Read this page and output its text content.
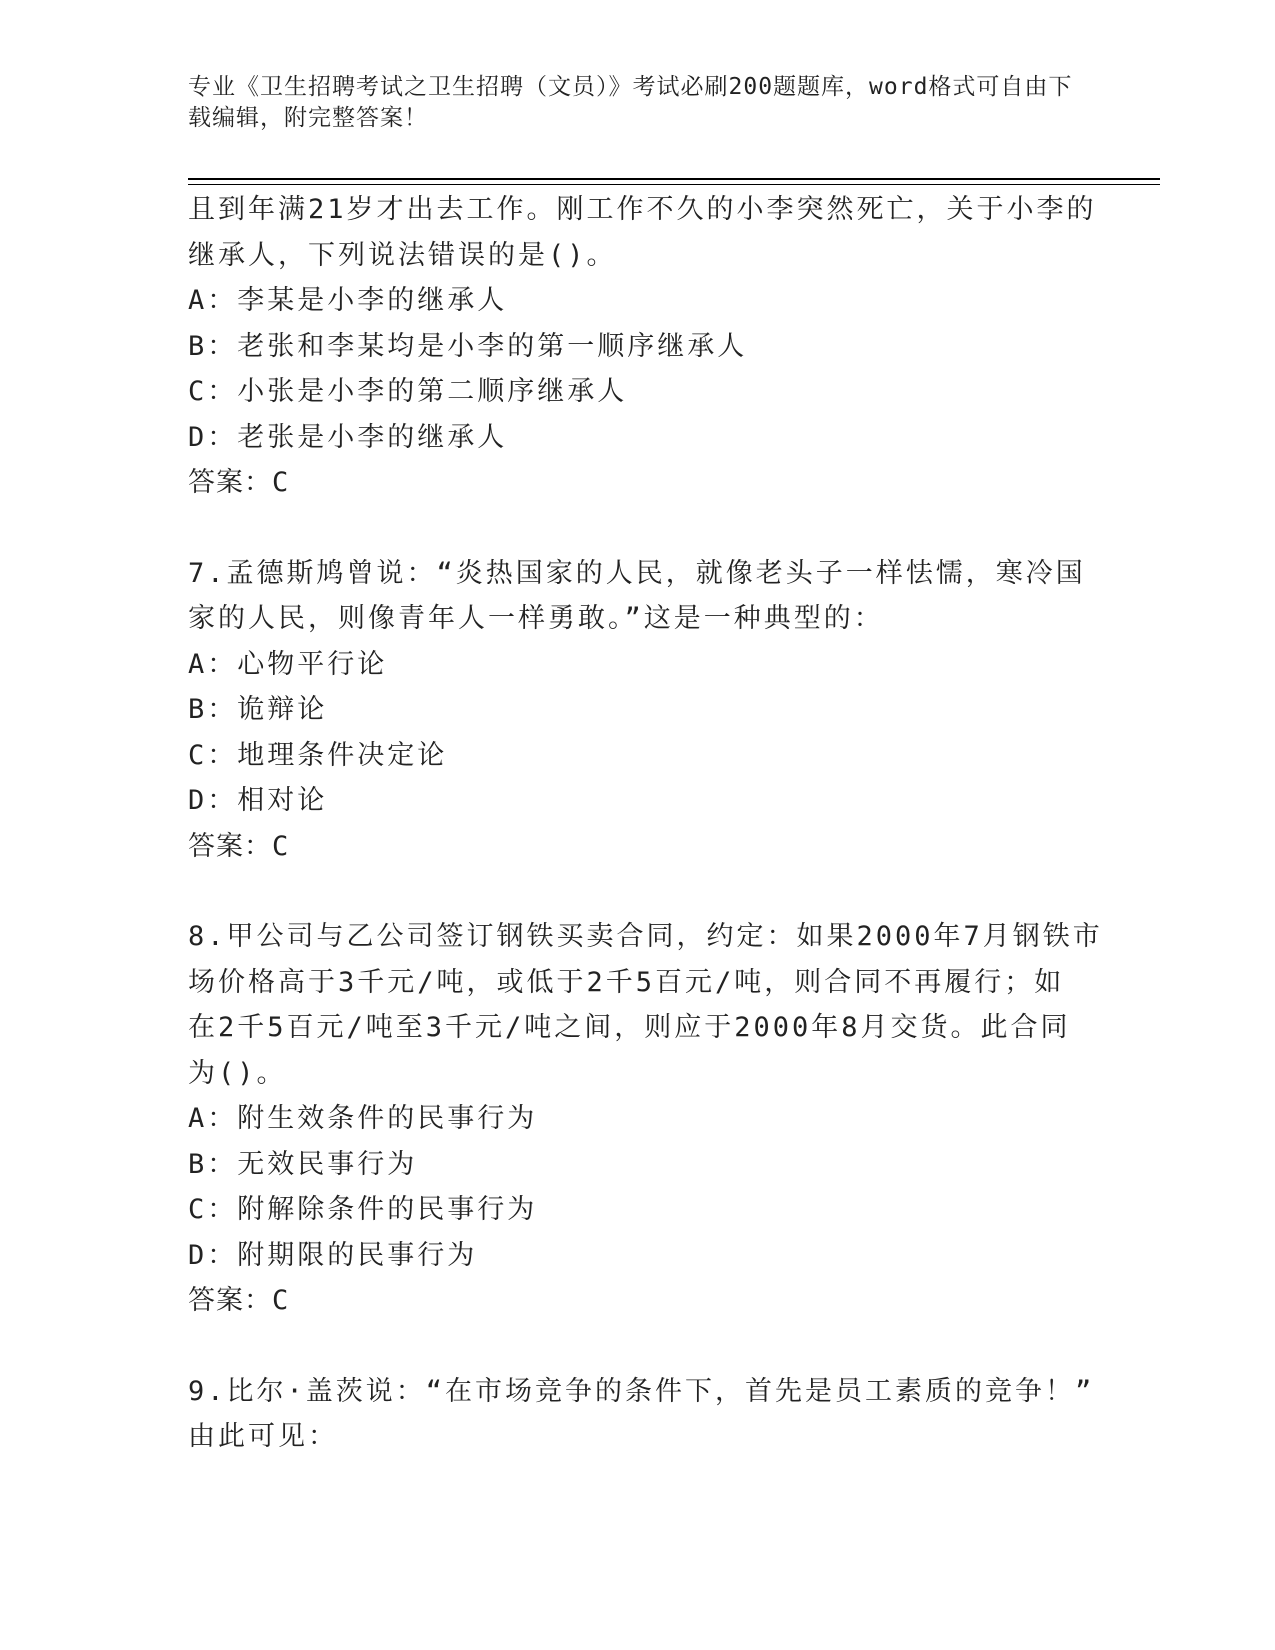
专业《卫生招聘考试之卫生招聘（文员）》考试必刷200题题库，word格式可自由下载编辑，附完整答案！
且到年满21岁才出去工作。刚工作不久的小李突然死亡，关于小李的
继承人，下列说法错误的是()。
A：李某是小李的继承人
B：老张和李某均是小李的第一顺序继承人
C：小张是小李的第二顺序继承人
D：老张是小李的继承人
答案：C
7.孟德斯鸠曾说：“炎热国家的人民，就像老头子一样怯懦，寒冷国
家的人民，则像青年人一样勇敢。”这是一种典型的：
A：心物平行论
B：诡辩论
C：地理条件决定论
D：相对论
答案：C
8.甲公司与乙公司签订钢铁买卖合同，约定：如果2000年7月钢铁市
场价格高于3千元/吨，或低于2千5百元/吨，则合同不再履行；如
在2千5百元/吨至3千元/吨之间，则应于2000年8月交货。此合同
为()。
A：附生效条件的民事行为
B：无效民事行为
C：附解除条件的民事行为
D：附期限的民事行为
答案：C
9.比尔·盖茨说：“在市场竞争的条件下，首先是员工素质的竞争！”
由此可见：
